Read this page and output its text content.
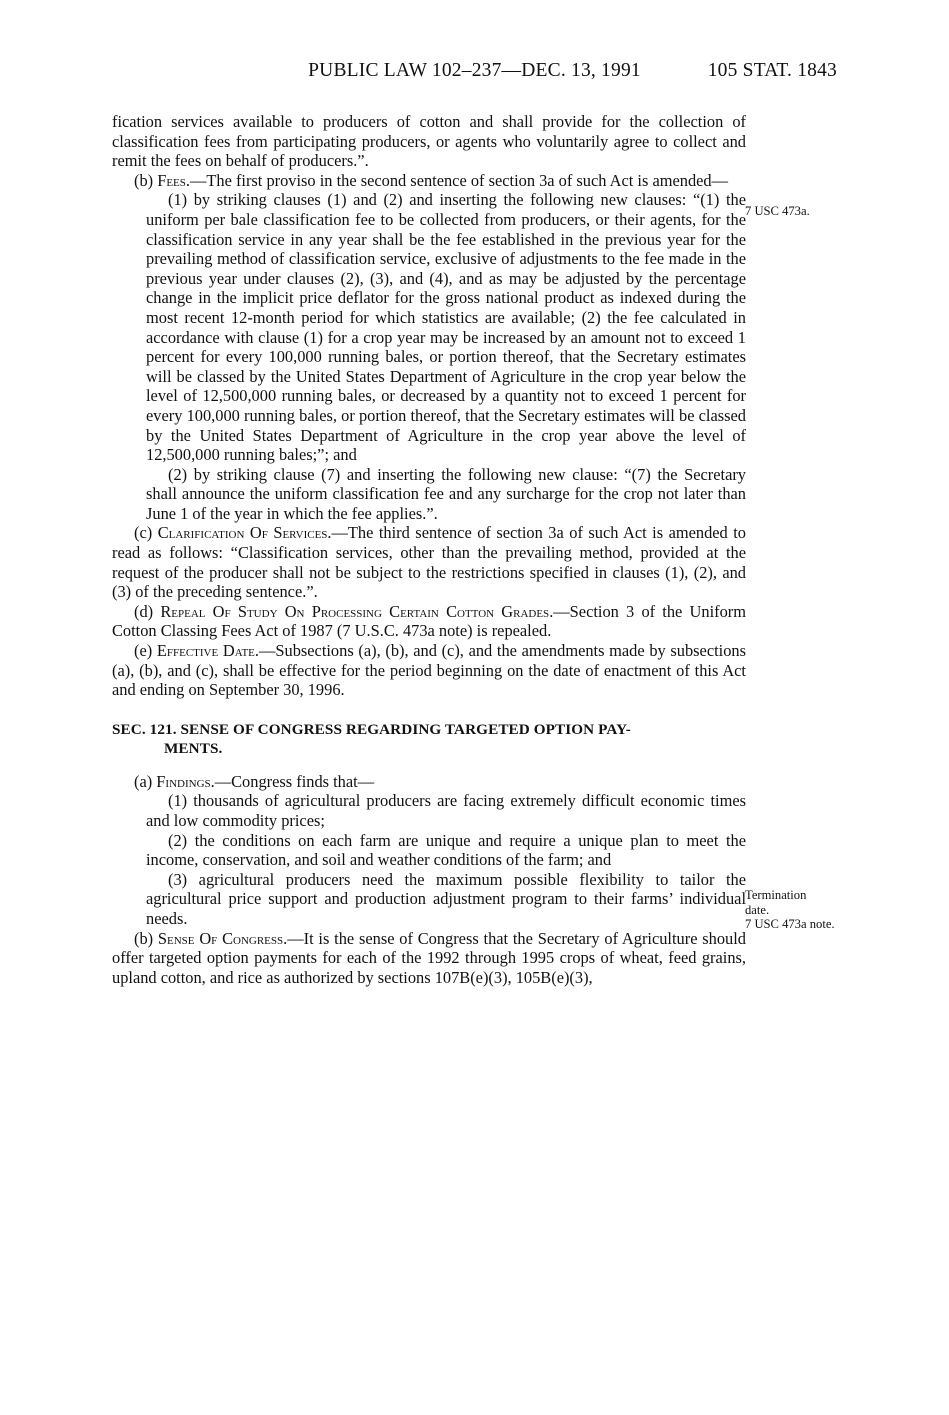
PUBLIC LAW 102–237—DEC. 13, 1991	105 STAT. 1843

fication services available to producers of cotton and shall provide for the collection of classification fees from participating producers, or agents who voluntarily agree to collect and remit the fees on behalf of producers.”.

(b) Fees.—The first proviso in the second sentence of section 3a of such Act is amended—

(1) by striking clauses (1) and (2) and inserting the following new clauses: “(1) the uniform per bale classification fee to be collected from producers, or their agents, for the classification service in any year shall be the fee established in the previous year for the prevailing method of classification service, exclusive of adjustments to the fee made in the previous year under clauses (2), (3), and (4), and as may be adjusted by the percentage change in the implicit price deflator for the gross national product as indexed during the most recent 12-month period for which statistics are available; (2) the fee calculated in accordance with clause (1) for a crop year may be increased by an amount not to exceed 1 percent for every 100,000 running bales, or portion thereof, that the Secretary estimates will be classed by the United States Department of Agriculture in the crop year below the level of 12,500,000 running bales, or decreased by a quantity not to exceed 1 percent for every 100,000 running bales, or portion thereof, that the Secretary estimates will be classed by the United States Department of Agriculture in the crop year above the level of 12,500,000 running bales;”; and

(2) by striking clause (7) and inserting the following new clause: “(7) the Secretary shall announce the uniform classification fee and any surcharge for the crop not later than June 1 of the year in which the fee applies.”.

(c) Clarification Of Services.—The third sentence of section 3a of such Act is amended to read as follows: “Classification services, other than the prevailing method, provided at the request of the producer shall not be subject to the restrictions specified in clauses (1), (2), and (3) of the preceding sentence.”.

(d) Repeal Of Study On Processing Certain Cotton Grades.—Section 3 of the Uniform Cotton Classing Fees Act of 1987 (7 U.S.C. 473a note) is repealed.

(e) Effective Date.—Subsections (a), (b), and (c), and the amendments made by subsections (a), (b), and (c), shall be effective for the period beginning on the date of enactment of this Act and ending on September 30, 1996.

SEC. 121. SENSE OF CONGRESS REGARDING TARGETED OPTION PAY-
MENTS.

(a) Findings.—Congress finds that—

(1) thousands of agricultural producers are facing extremely difficult economic times and low commodity prices;

(2) the conditions on each farm are unique and require a unique plan to meet the income, conservation, and soil and weather conditions of the farm; and

(3) agricultural producers need the maximum possible flexibility to tailor the agricultural price support and production adjustment program to their farms’ individual needs.

(b) Sense Of Congress.—It is the sense of Congress that the Secretary of Agriculture should offer targeted option payments for each of the 1992 through 1995 crops of wheat, feed grains, upland cotton, and rice as authorized by sections 107B(e)(3), 105B(e)(3),

7 USC 473a.
Termination
date.
7 USC 473a note.
